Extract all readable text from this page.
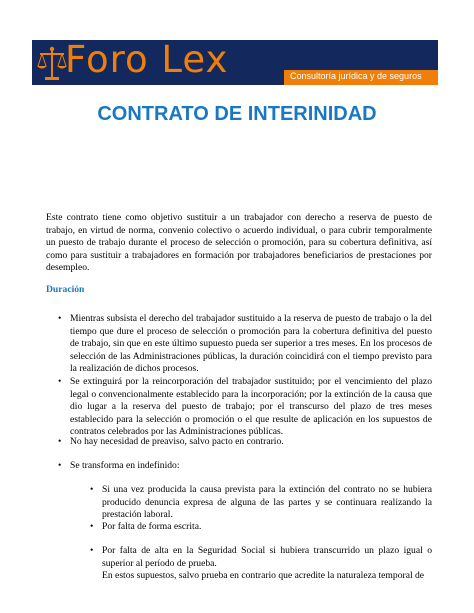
Foro Lex	Consultoría jurídica y de seguros
CONTRATO DE INTERINIDAD
Este contrato tiene como objetivo sustituir a un trabajador con derecho a reserva de puesto de trabajo, en virtud de norma, convenio colectivo o acuerdo individual, o para cubrir temporalmente un puesto de trabajo durante el proceso de selección o promoción, para su cobertura definitiva, así como para sustituir a trabajadores en formación por trabajadores beneficiarios de prestaciones por desempleo.
Duración
• Mientras subsista el derecho del trabajador sustituido a la reserva de puesto de trabajo o la del tiempo que dure el proceso de selección o promoción para la cobertura definitiva del puesto de trabajo, sin que en este último supuesto pueda ser superior a tres meses. En los procesos de selección de las Administraciones públicas, la duración coincidirá con el tiempo previsto para la realización de dichos procesos.
• Se extinguirá por la reincorporación del trabajador sustituido; por el vencimiento del plazo legal o convencionalmente establecido para la incorporación; por la extinción de la causa que dio lugar a la reserva del puesto de trabajo; por el transcurso del plazo de tres meses establecido para la selección o promoción o el que resulte de aplicación en los supuestos de contratos celebrados por las Administraciones públicas.
• No hay necesidad de preaviso, salvo pacto en contrario.
• Se transforma en indefinido:
• Si una vez producida la causa prevista para la extinción del contrato no se hubiera producido denuncia expresa de alguna de las partes y se continuara realizando la prestación laboral.
• Por falta de forma escrita.
• Por falta de alta en la Seguridad Social si hubiera transcurrido un plazo igual o superior al período de prueba.
En estos supuestos, salvo prueba en contrario que acredite la naturaleza temporal de
